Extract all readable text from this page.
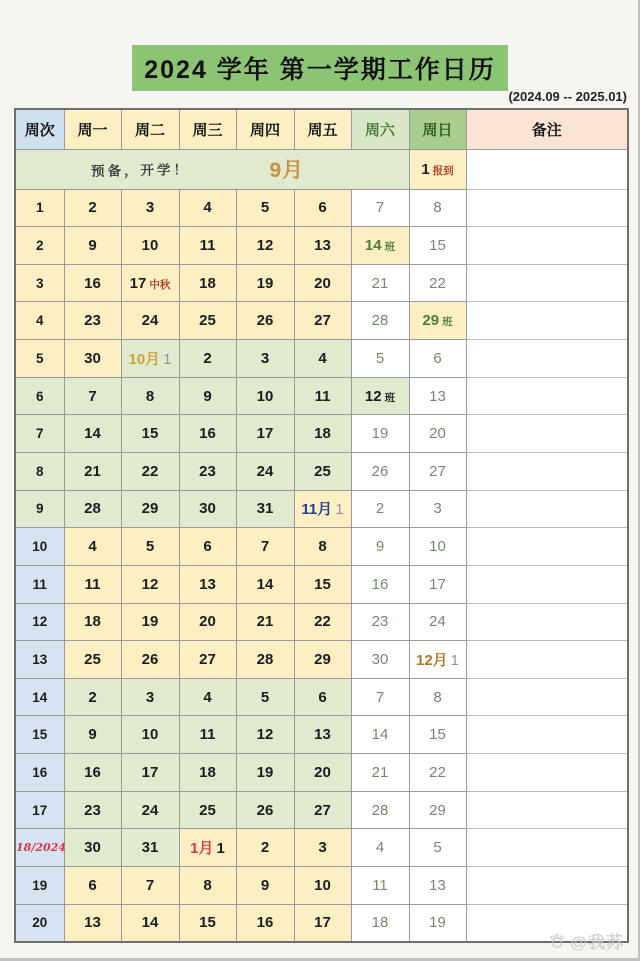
2024 学年 第一学期工作日历
(2024.09 -- 2025.01)
周次	周一	周二	周三	周四	周五	周六	周日	备注

预备，开学！ 9月							1 报到	
1	2	3	4	5	6	7	8	
2	9	10	11	12	13	14 班	15	
3	16	17 中秋	18	19	20	21	22	
4	23	24	25	26	27	28	29 班	
5	30	10月 1	2	3	4	5	6	
6	7	8	9	10	11	12 班	13	
7	14	15	16	17	18	19	20	
8	21	22	23	24	25	26	27	
9	28	29	30	31	11月 1	2	3	
10	4	5	6	7	8	9	10	
11	11	12	13	14	15	16	17	
12	18	19	20	21	22	23	24	
13	25	26	27	28	29	30	12月 1	
14	2	3	4	5	6	7	8	
15	9	10	11	12	13	14	15	
16	16	17	18	19	20	21	22	
17	23	24	25	26	27	28	29	
18/2024	30	31	1月 1	2	3	4	5	
19	6	7	8	9	10	11	13	
20	13	14	15	16	17	18	19	
@我苏
